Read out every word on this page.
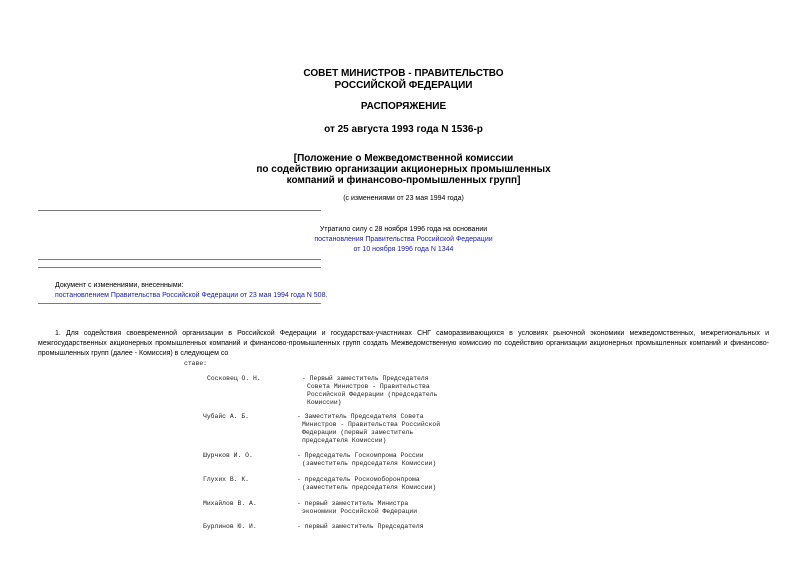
СОВЕТ МИНИСТРОВ - ПРАВИТЕЛЬСТВО
РОССИЙСКОЙ ФЕДЕРАЦИИ
РАСПОРЯЖЕНИЕ
от 25 августа 1993 года N 1536-р
[Положение о Межведомственной комиссии
по содействию организации акционерных промышленных
компаний и финансово-промышленных групп]
(с изменениями от 23 мая 1994 года)
Утратило силу с 28 ноября 1996 года на основании
постановления Правительства Российской Федерации
от 10 ноября 1996 года N 1344
Документ с изменениями, внесенными:
постановлением Правительства Российской Федерации от 23 мая 1994 года N 508.
1. Для содействия своевременной организации в Российской Федерации и государствах-участниках СНГ саморазвивающихся в условиях рыночной экономики межведомственных, межрегиональных и
межгосударственных акционерных промышленных компаний и финансово-промышленных групп создать Межведомственную комиссию по содействию организации акционерных промышленных компаний и финансово-
промышленных групп (далее - Комиссия) в следующем со
ставе:
Сосковец О. Н.	- Первый заместитель Председателя
Совета Министров - Правительства
Российской Федерации (председатель
Комиссии)
Чубайс А. Б.	- Заместитель Председателя Совета
Министров - Правительства Российской
Федерации (первый заместитель
председателя Комиссии)
Шурчков И. О.	- Председатель Госкомпрома России
(заместитель председателя Комиссии)
Глухих В. К.	- председатель Роскомоборонпрома
(заместитель председателя Комиссии)
Михайлов В. А.	- первый заместитель Министра
экономики Российской Федерации
Бурлинов Ю. И.	- первый заместитель Председателя
